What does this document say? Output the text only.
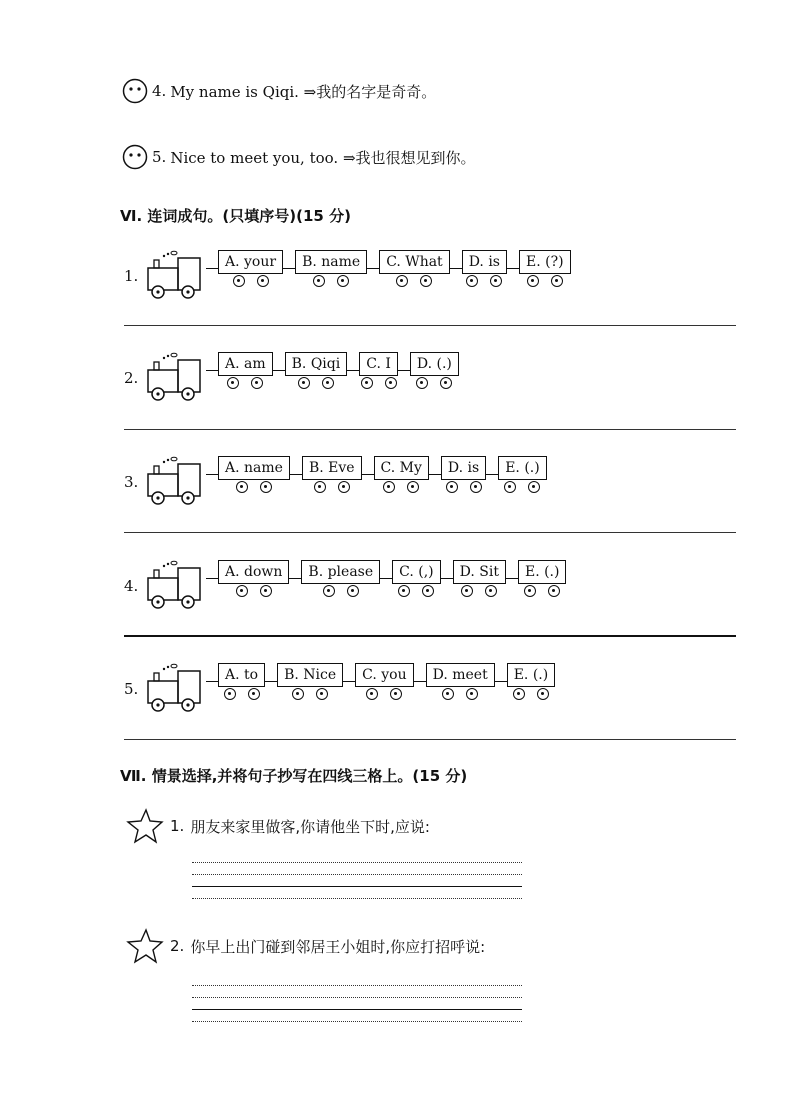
4. My name is Qiqi. ⇒我的名字是奇奇。
5. Nice to meet you, too. ⇒我也很想见到你。
Ⅵ. 连词成句。(只填序号)(15 分)
1.
A. your	B. name	C. What	D. is	E. (?)
2.
A. am	B. Qiqi	C. I	D. (.)
3.
A. name	B. Eve	C. My	D. is	E. (.)
4.
A. down	B. please	C. (,)	D. Sit	E. (.)
5.
A. to	B. Nice	C. you	D. meet	E. (.)
Ⅶ. 情景选择,并将句子抄写在四线三格上。(15 分)
1. 朋友来家里做客,你请他坐下时,应说:
2. 你早上出门碰到邻居王小姐时,你应打招呼说:
